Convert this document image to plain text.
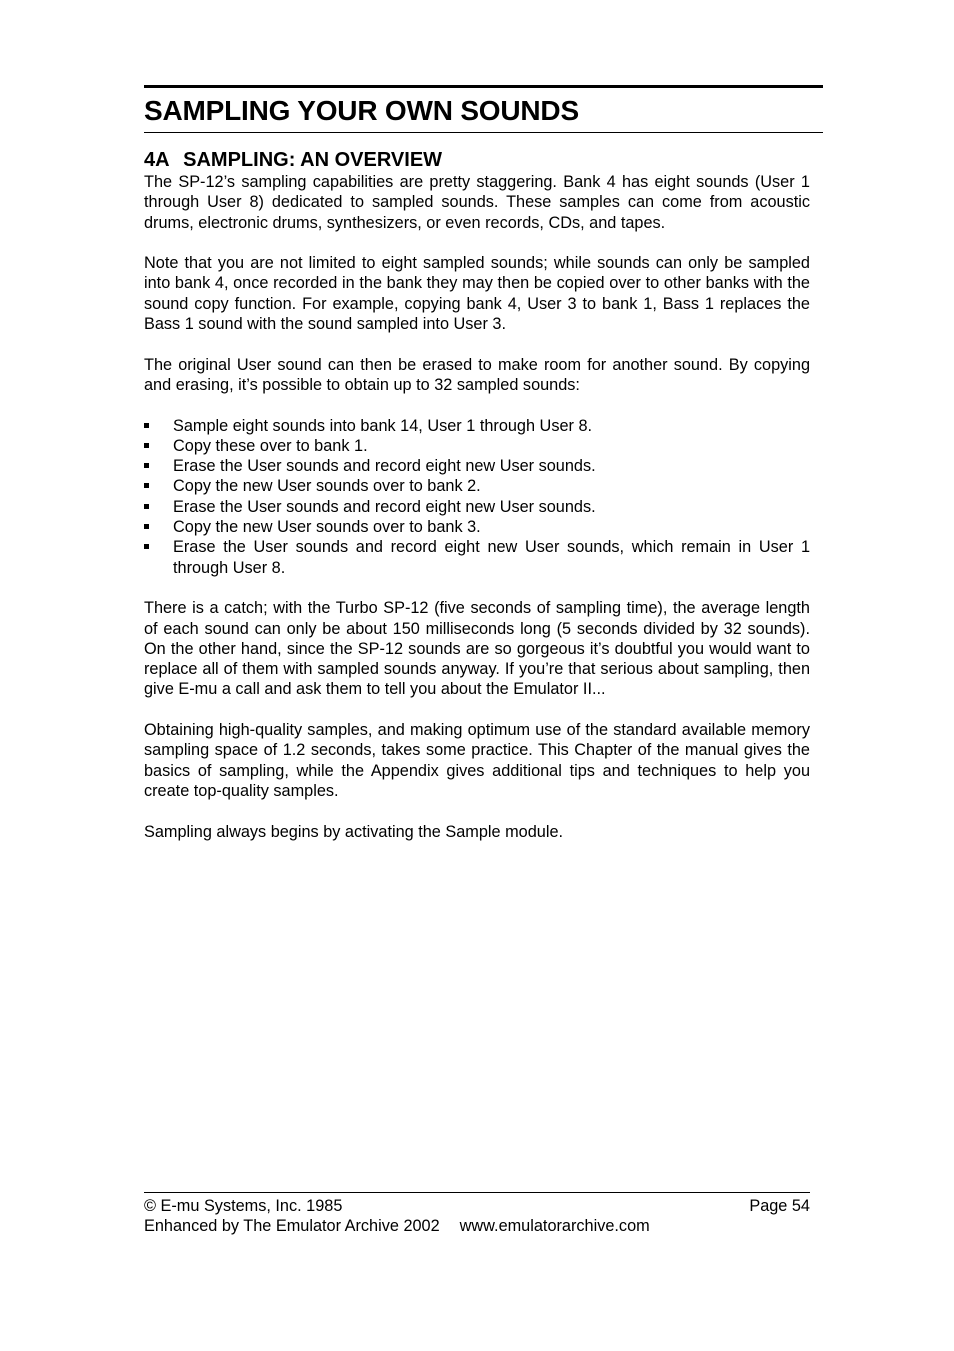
SAMPLING YOUR OWN SOUNDS
4A SAMPLING: AN OVERVIEW

The SP-12’s sampling capabilities are pretty staggering. Bank 4 has eight sounds (User 1 through User 8) dedicated to sampled sounds. These samples can come from acoustic drums, electronic drums, synthesizers, or even records, CDs, and tapes.

Note that you are not limited to eight sampled sounds; while sounds can only be sampled into bank 4, once recorded in the bank they may then be copied over to other banks with the sound copy function. For example, copying bank 4, User 3 to bank 1, Bass 1 replaces the Bass 1 sound with the sound sampled into User 3.

The original User sound can then be erased to make room for another sound. By copying and erasing, it’s possible to obtain up to 32 sampled sounds:

Sample eight sounds into bank 14, User 1 through User 8.
Copy these over to bank 1.
Erase the User sounds and record eight new User sounds.
Copy the new User sounds over to bank 2.
Erase the User sounds and record eight new User sounds.
Copy the new User sounds over to bank 3.
Erase the User sounds and record eight new User sounds, which remain in User 1 through User 8.

There is a catch; with the Turbo SP-12 (five seconds of sampling time), the average length of each sound can only be about 150 milliseconds long (5 seconds divided by 32 sounds). On the other hand, since the SP-12 sounds are so gorgeous it’s doubtful you would want to replace all of them with sampled sounds anyway. If you’re that serious about sampling, then give E-mu a call and ask them to tell you about the Emulator II...

Obtaining high-quality samples, and making optimum use of the standard available memory sampling space of 1.2 seconds, takes some practice. This Chapter of the manual gives the basics of sampling, while the Appendix gives additional tips and techniques to help you create top-quality samples.

Sampling always begins by activating the Sample module.

© E-mu Systems, Inc. 1985	Page 54
Enhanced by The Emulator Archive 2002 www.emulatorarchive.com
